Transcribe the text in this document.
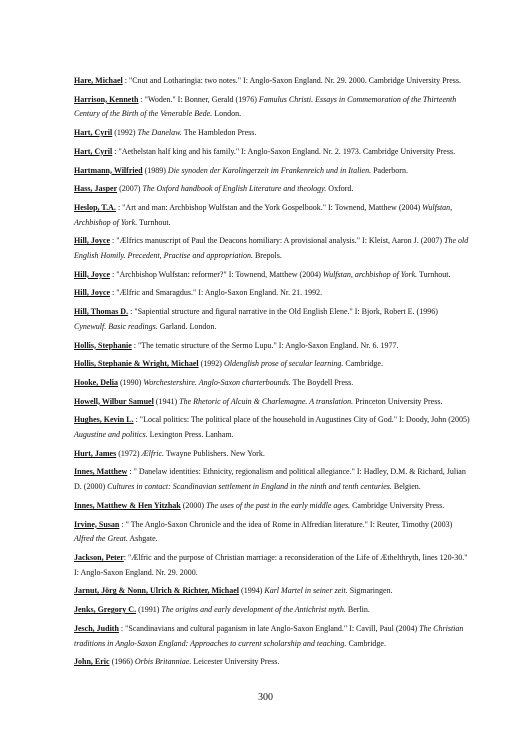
Hare, Michael : "Cnut and Lotharingia: two notes." I: Anglo-Saxon England. Nr. 29. 2000. Cambridge University Press.
Harrison, Kenneth : "Woden." I: Bonner, Gerald (1976) Famulus Christi. Essays in Commemoration of the Thirteenth Century of the Birth of the Venerable Bede. London.
Hart, Cyril (1992) The Danelaw. The Hambledon Press.
Hart, Cyril : "Aethelstan half king and his family." I: Anglo-Saxon England. Nr. 2. 1973. Cambridge University Press.
Hartmann, Wilfried (1989) Die synoden der Karolingerzeit im Frankenreich und in Italien. Paderborn.
Hass, Jasper (2007) The Oxford handbook of English Literature and theology. Oxford.
Heslop, T.A. : "Art and man: Archbishop Wulfstan and the York Gospelbook." I: Townend, Matthew (2004) Wulfstan, Archbishop of York. Turnhout.
Hill, Joyce : "Ælfrics manuscript of Paul the Deacons homiliary: A provisional analysis." I: Kleist, Aaron J. (2007) The old English Homily. Precedent, Practise and appropriation. Brepols.
Hill, Joyce : "Archbishop Wulfstan: reformer?" I: Townend, Matthew (2004) Wulfstan, archbishop of York. Turnhout.
Hill, Joyce : "Ælfric and Smaragdus." I: Anglo-Saxon England. Nr. 21. 1992.
Hill, Thomas D. : "Sapiential structure and figural narrative in the Old English Elene." I: Bjork, Robert E. (1996) Cynewulf. Basic readings. Garland. London.
Hollis, Stephanie : "The tematic structure of the Sermo Lupu." I: Anglo-Saxon England. Nr. 6. 1977.
Hollis, Stephanie & Wright, Michael (1992) Oldenglish prose of secular learning. Cambridge.
Hooke, Delia (1990) Worchestershire. Anglo-Saxon charterbounds. The Boydell Press.
Howell, Wilbur Samuel (1941) The Rhetoric of Alcuin & Charlemagne. A translation. Princeton University Press.
Hughes, Kevin L. : "Local politics: The political place of the household in Augustines City of God." I: Doody, John (2005) Augustine and politics. Lexington Press. Lanham.
Hurt, James (1972) Ælfric. Twayne Publishers. New York.
Innes, Matthew : " Danelaw identities: Ethnicity, regionalism and political allegiance." I: Hadley, D.M. & Richard, Julian D. (2000) Cultures in contact: Scandinavian settlement in England in the ninth and tenth centuries. Belgien.
Innes, Matthew & Hen Yitzhak (2000) The uses of the past in the early middle ages. Cambridge University Press.
Irvine, Susan : " The Anglo-Saxon Chronicle and the idea of Rome in Alfredian literature." I: Reuter, Timothy (2003) Alfred the Great. Ashgate.
Jackson, Peter: "Ælfric and the purpose of Christian marriage: a reconsideration of the Life of Æthelthryth, lines 120-30." I: Anglo-Saxon England. Nr. 29. 2000.
Jarnut, Jörg & Nonn, Ulrich & Richter, Michael (1994) Karl Martel in seiner zeit. Sigmaringen.
Jenks, Gregory C. (1991) The origins and early development of the Antichrist myth. Berlin.
Jesch, Judith : "Scandinavians and cultural paganism in late Anglo-Saxon England." I: Cavill, Paul (2004) The Christian traditions in Anglo-Saxon England: Approaches to current scholarship and teaching. Cambridge.
John, Eric (1966) Orbis Britanniae. Leicester University Press.
300
